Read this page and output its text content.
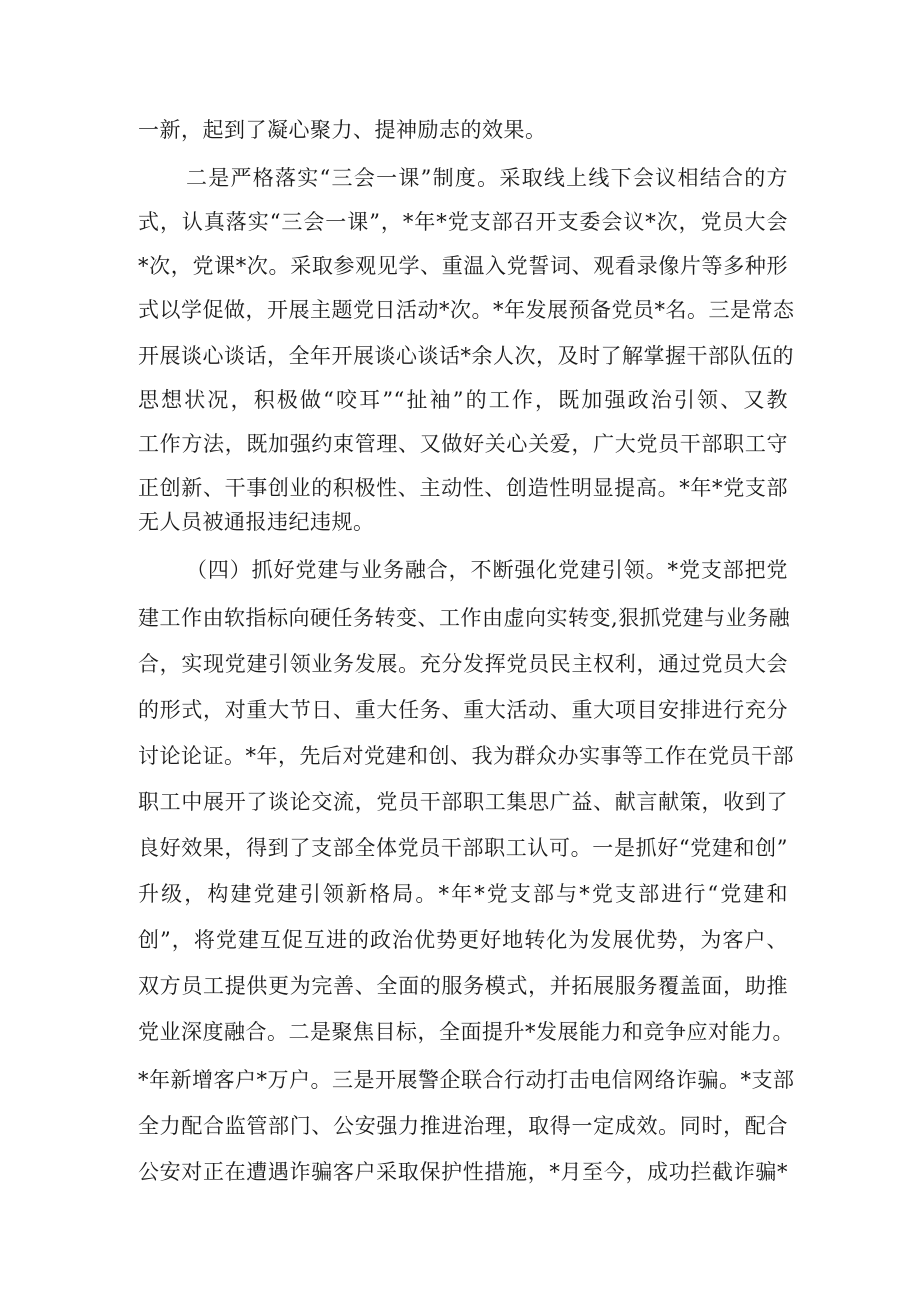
一新，起到了凝心聚力、提神励志的效果。
二是严格落实“三会一课”制度。采取线上线下会议相结合的方
式，认真落实“三会一课”，*年*党支部召开支委会议*次，党员大会
*次，党课*次。采取参观见学、重温入党誓词、观看录像片等多种形
式以学促做，开展主题党日活动*次。*年发展预备党员*名。三是常态
开展谈心谈话，全年开展谈心谈话*余人次，及时了解掌握干部队伍的
思想状况，积极做“咬耳”“扯袖”的工作，既加强政治引领、又教
工作方法，既加强约束管理、又做好关心关爱，广大党员干部职工守
正创新、干事创业的积极性、主动性、创造性明显提高。*年*党支部
无人员被通报违纪违规。
（四）抓好党建与业务融合，不断强化党建引领。*党支部把党
建工作由软指标向硬任务转变、工作由虚向实转变,狠抓党建与业务融
合，实现党建引领业务发展。充分发挥党员民主权利，通过党员大会
的形式，对重大节日、重大任务、重大活动、重大项目安排进行充分
讨论论证。*年，先后对党建和创、我为群众办实事等工作在党员干部
职工中展开了谈论交流，党员干部职工集思广益、献言献策，收到了
良好效果，得到了支部全体党员干部职工认可。一是抓好“党建和创”
升级，构建党建引领新格局。*年*党支部与*党支部进行“党建和
创”，将党建互促互进的政治优势更好地转化为发展优势，为客户、
双方员工提供更为完善、全面的服务模式，并拓展服务覆盖面，助推
党业深度融合。二是聚焦目标，全面提升*发展能力和竞争应对能力。
*年新增客户*万户。三是开展警企联合行动打击电信网络诈骗。*支部
全力配合监管部门、公安强力推进治理，取得一定成效。同时，配合
公安对正在遭遇诈骗客户采取保护性措施，*月至今，成功拦截诈骗*
